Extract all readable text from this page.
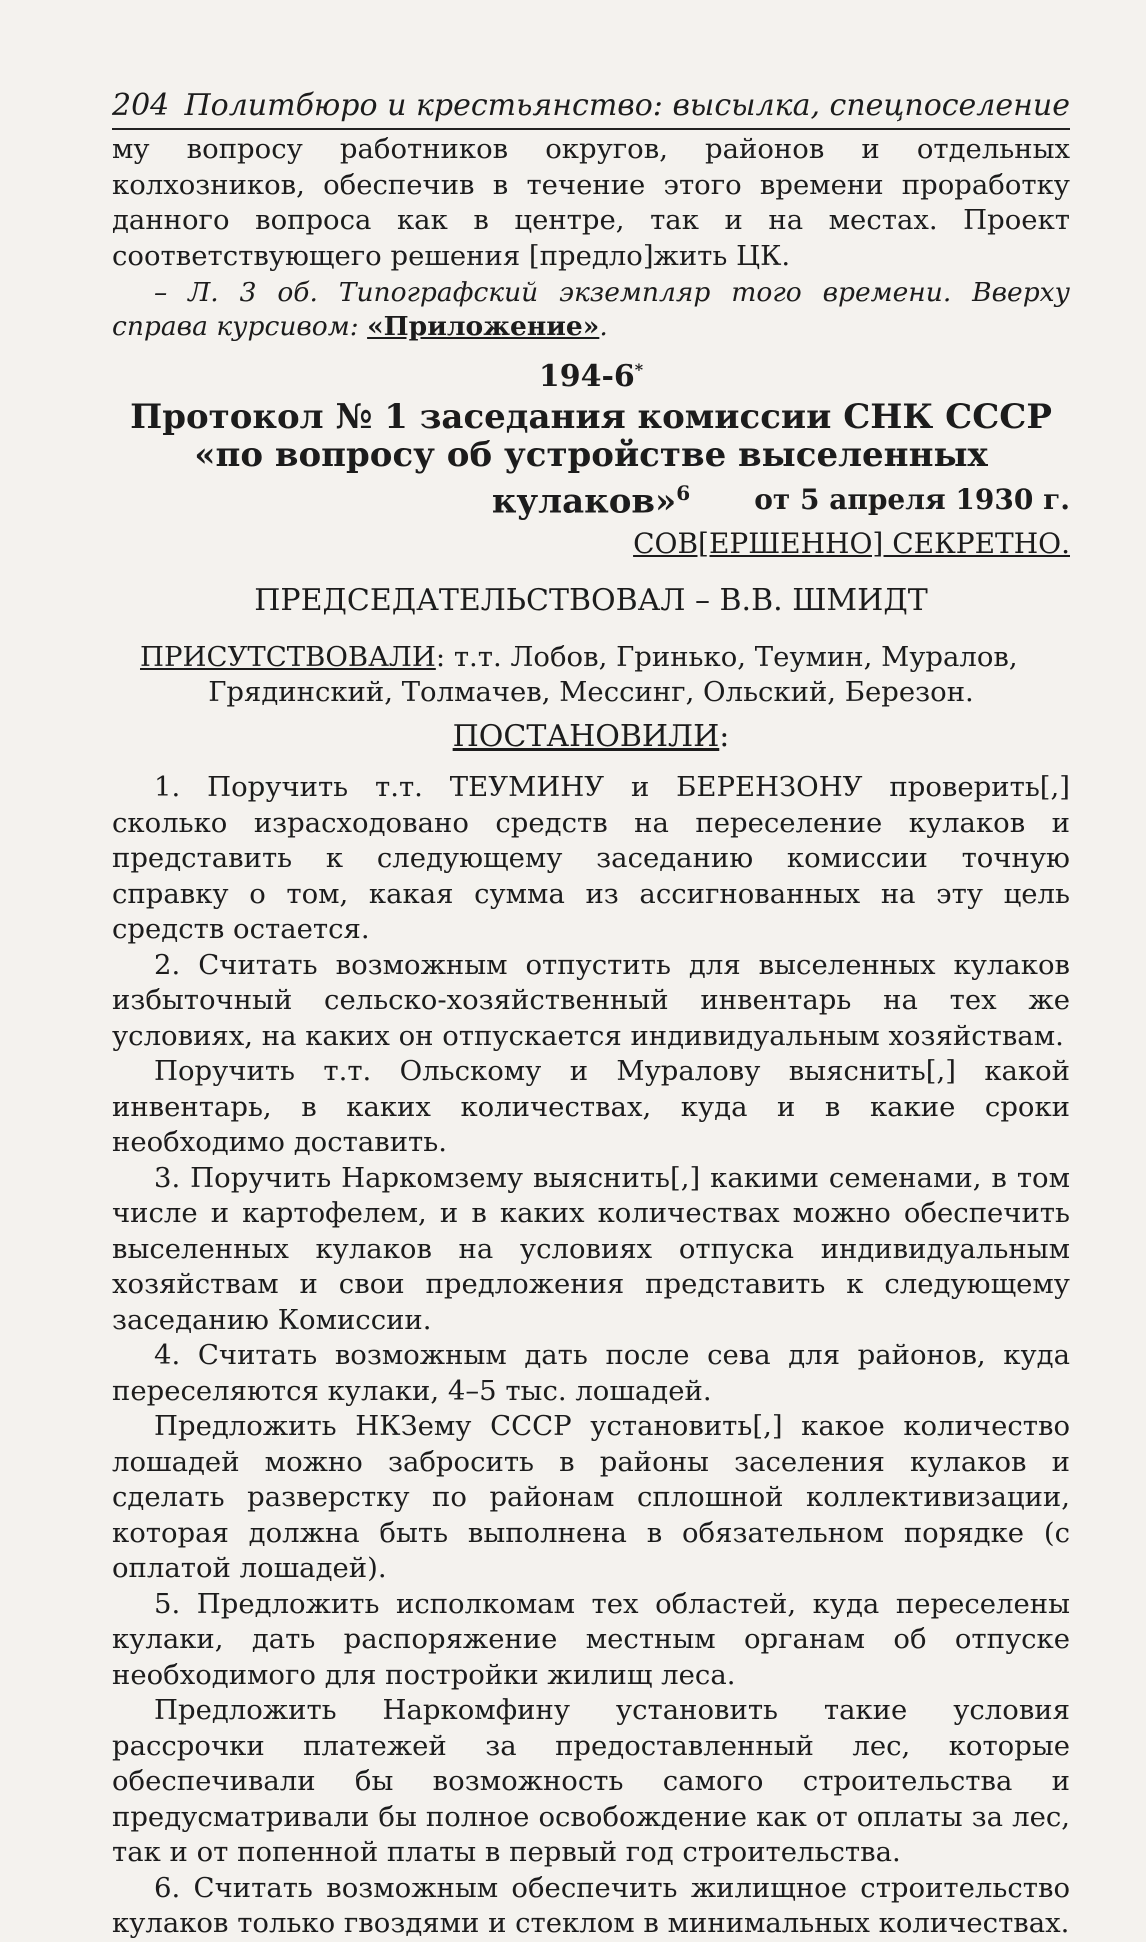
204 Политбюро и крестьянство: высылка, спецпоселение

му вопросу работников округов, районов и отдельных колхозников, обеспечив в течение этого времени проработку данного вопроса как в центре, так и на местах. Проект соответствующего решения [предло]жить ЦК.

– Л. 3 об. Типографский экземпляр того времени. Вверху справа курсивом: «Приложение».

194-6*
Протокол № 1 заседания комиссии СНК СССР
«по вопросу об устройстве выселенных кулаков»$^6$	от 5 апреля 1930 г.
СОВ[ЕРШЕННО] СЕКРЕТНО.
ПРЕДСЕДАТЕЛЬСТВОВАЛ – В.В. ШМИДТ
ПРИСУТСТВОВАЛИ: т.т. Лобов, Гринько, Теумин, Муралов,
Грядинский, Толмачев, Мессинг, Ольский, Березон.
ПОСТАНОВИЛИ:

1. Поручить т.т. ТЕУМИНУ и БЕРЕНЗОНУ проверить[,] сколько израсходовано средств на переселение кулаков и представить к следующему заседанию комиссии точную справку о том, какая сумма из ассигнованных на эту цель средств остается.

2. Считать возможным отпустить для выселенных кулаков избыточный сельско-хозяйственный инвентарь на тех же условиях, на каких он отпускается индивидуальным хозяйствам.

Поручить т.т. Ольскому и Муралову выяснить[,] какой инвентарь, в каких количествах, куда и в какие сроки необходимо доставить.

3. Поручить Наркомзему выяснить[,] какими семенами, в том числе и картофелем, и в каких количествах можно обеспечить выселенных кулаков на условиях отпуска индивидуальным хозяйствам и свои предложения представить к следующему заседанию Комиссии.

4. Считать возможным дать после сева для районов, куда переселяются кулаки, 4–5 тыс. лошадей.

Предложить НКЗему СССР установить[,] какое количество лошадей можно забросить в районы заселения кулаков и сделать разверстку по районам сплошной коллективизации, которая должна быть выполнена в обязательном порядке (с оплатой лошадей).

5. Предложить исполкомам тех областей, куда переселены кулаки, дать распоряжение местным органам об отпуске необходимого для постройки жилищ леса.

Предложить Наркомфину установить такие условия рассрочки платежей за предоставленный лес, которые обеспечивали бы возможность самого строительства и предусматривали бы полное освобождение как от оплаты за лес, так и от попенной платы в первый год строительства.

6. Считать возможным обеспечить жилищное строительство кулаков только гвоздями и стеклом в минимальных количествах.
